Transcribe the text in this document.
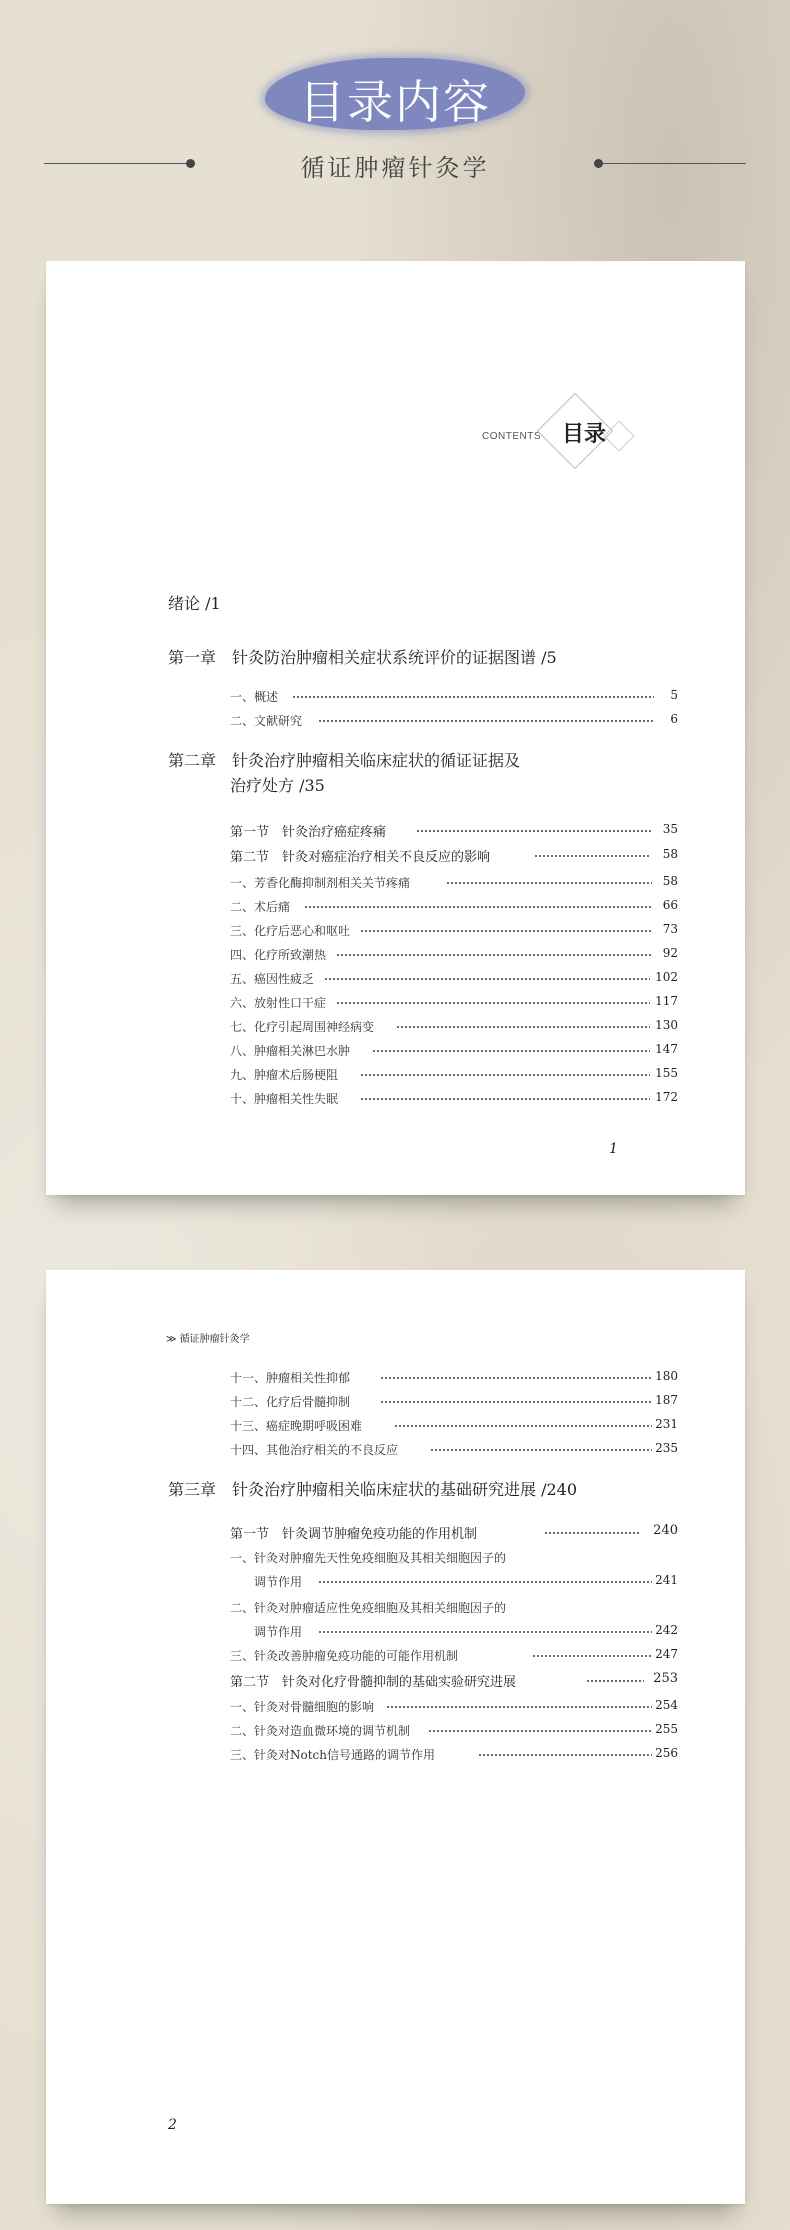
目录内容
循证肿瘤针灸学
CONTENTS 目录
绪论 /1
第一章　针灸防治肿瘤相关症状系统评价的证据图谱 /5
一、概述	5
二、文献研究	6
第二章　针灸治疗肿瘤相关临床症状的循证证据及
治疗处方 /35
第一节　针灸治疗癌症疼痛	35
第二节　针灸对癌症治疗相关不良反应的影响	58
一、芳香化酶抑制剂相关关节疼痛	58
二、术后痛	66
三、化疗后恶心和呕吐	73
四、化疗所致潮热	92
五、癌因性疲乏	102
六、放射性口干症	117
七、化疗引起周围神经病变	130
八、肿瘤相关淋巴水肿	147
九、肿瘤术后肠梗阻	155
十、肿瘤相关性失眠	172
1
≫ 循证肿瘤针灸学
十一、肿瘤相关性抑郁	180
十二、化疗后骨髓抑制	187
十三、癌症晚期呼吸困难	231
十四、其他治疗相关的不良反应	235
第三章　针灸治疗肿瘤相关临床症状的基础研究进展 /240
第一节　针灸调节肿瘤免疫功能的作用机制	240
一、针灸对肿瘤先天性免疫细胞及其相关细胞因子的
调节作用	241
二、针灸对肿瘤适应性免疫细胞及其相关细胞因子的
调节作用	242
三、针灸改善肿瘤免疫功能的可能作用机制	247
第二节　针灸对化疗骨髓抑制的基础实验研究进展	253
一、针灸对骨髓细胞的影响	254
二、针灸对造血微环境的调节机制	255
三、针灸对Notch信号通路的调节作用	256
2
